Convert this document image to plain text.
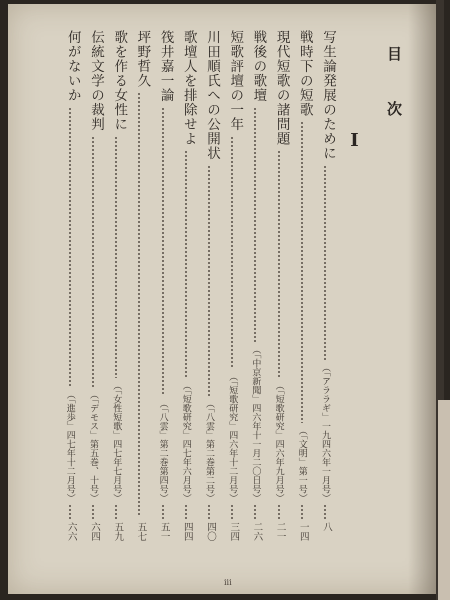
目次
Ⅰ
写生論発展のために
（「アララギ」一九四六年一月号）
八
戦時下の短歌
（「文明」第一号）
一四
現代短歌の諸問題
（「短歌研究」四六年九月号）
二一
戦後の歌壇
（「中京新聞」四六年十一月二〇日号）
二六
短歌評壇の一年
（「短歌研究」四六年十二月号）
三四
川田順氏への公開状
（「八雲」第二巻第二号）
四〇
歌壇人を排除せよ
（「短歌研究」四七年六月号）
四四
筏井嘉一論
（「八雲」第二巻第四号）
五一
坪野哲久
五七
歌を作る女性に
（「女性短歌」四七年七月号）
五九
伝統文学の裁判
（「デモス」第五巻、十号）
六四
何がないか
（「進歩」四七年十二月号）
六六
iii
